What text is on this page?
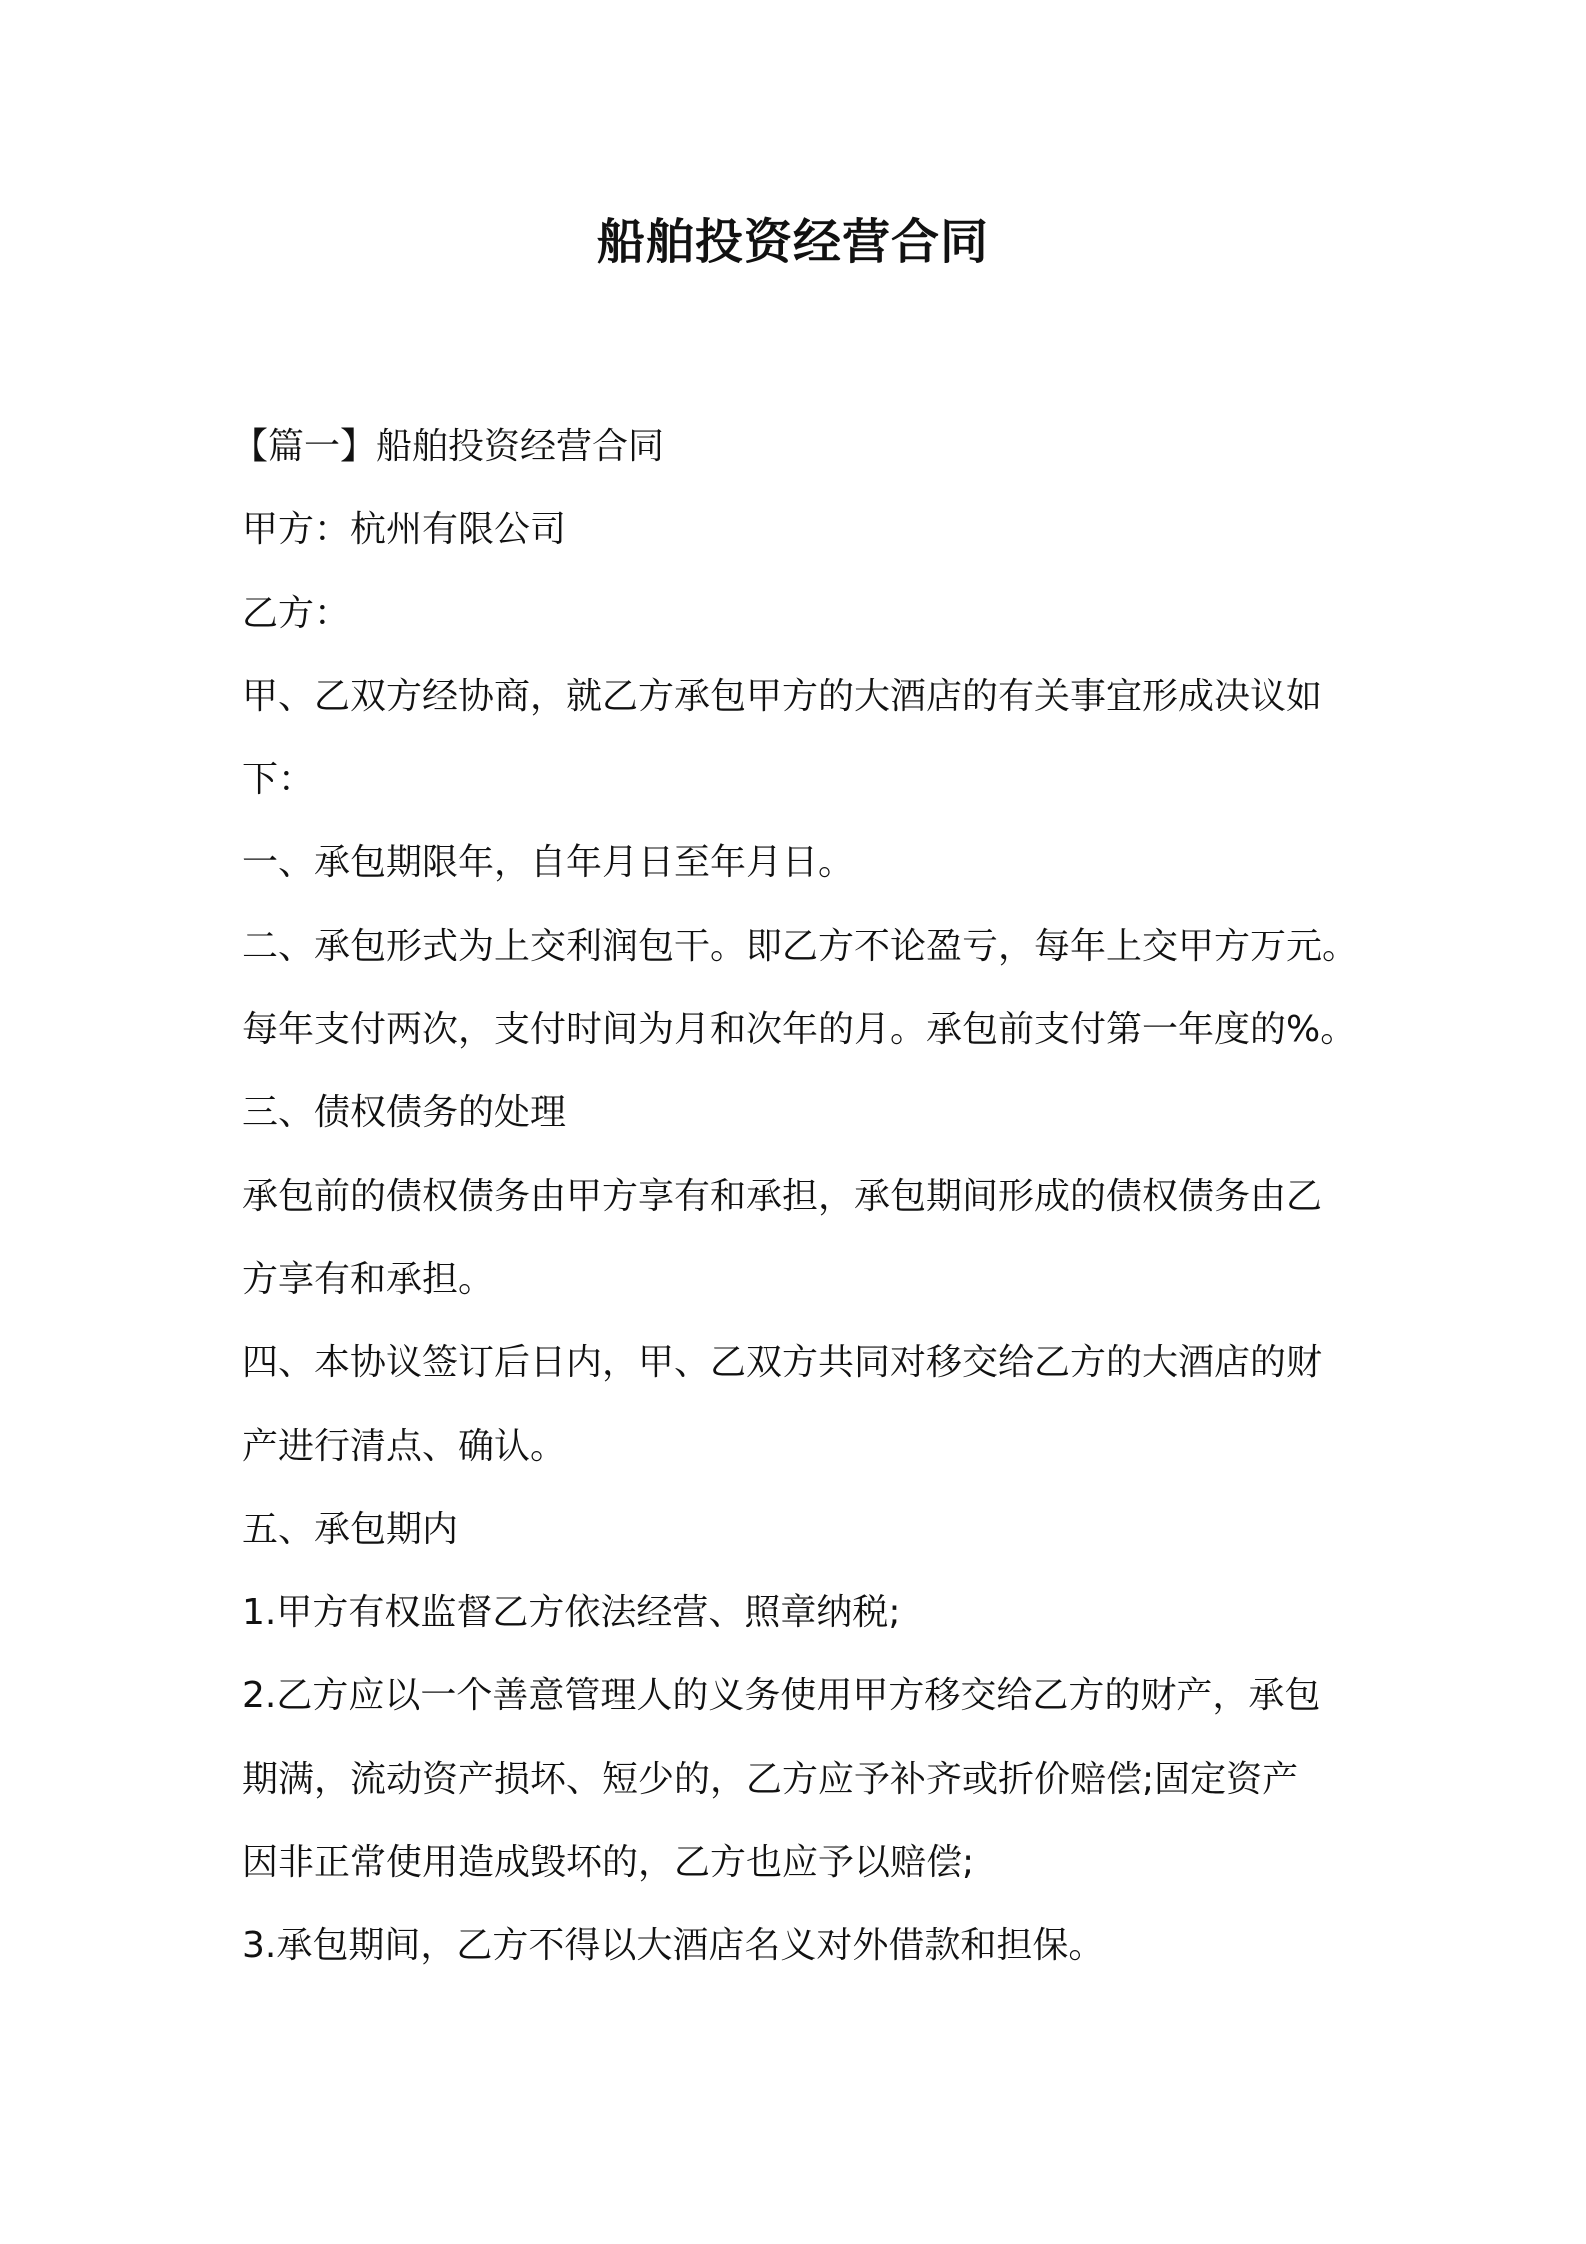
船舶投资经营合同

【篇一】船舶投资经营合同

甲方：杭州有限公司

乙方：

甲、乙双方经协商，就乙方承包甲方的大酒店的有关事宜形成决议如

下：

一、承包期限年，自年月日至年月日。

二、承包形式为上交利润包干。即乙方不论盈亏，每年上交甲方万元。

每年支付两次，支付时间为月和次年的月。承包前支付第一年度的%。

三、债权债务的处理

承包前的债权债务由甲方享有和承担，承包期间形成的债权债务由乙

方享有和承担。

四、本协议签订后日内，甲、乙双方共同对移交给乙方的大酒店的财

产进行清点、确认。

五、承包期内

1.甲方有权监督乙方依法经营、照章纳税;

2.乙方应以一个善意管理人的义务使用甲方移交给乙方的财产，承包

期满，流动资产损坏、短少的，乙方应予补齐或折价赔偿;固定资产

因非正常使用造成毁坏的，乙方也应予以赔偿;

3.承包期间，乙方不得以大酒店名义对外借款和担保。
